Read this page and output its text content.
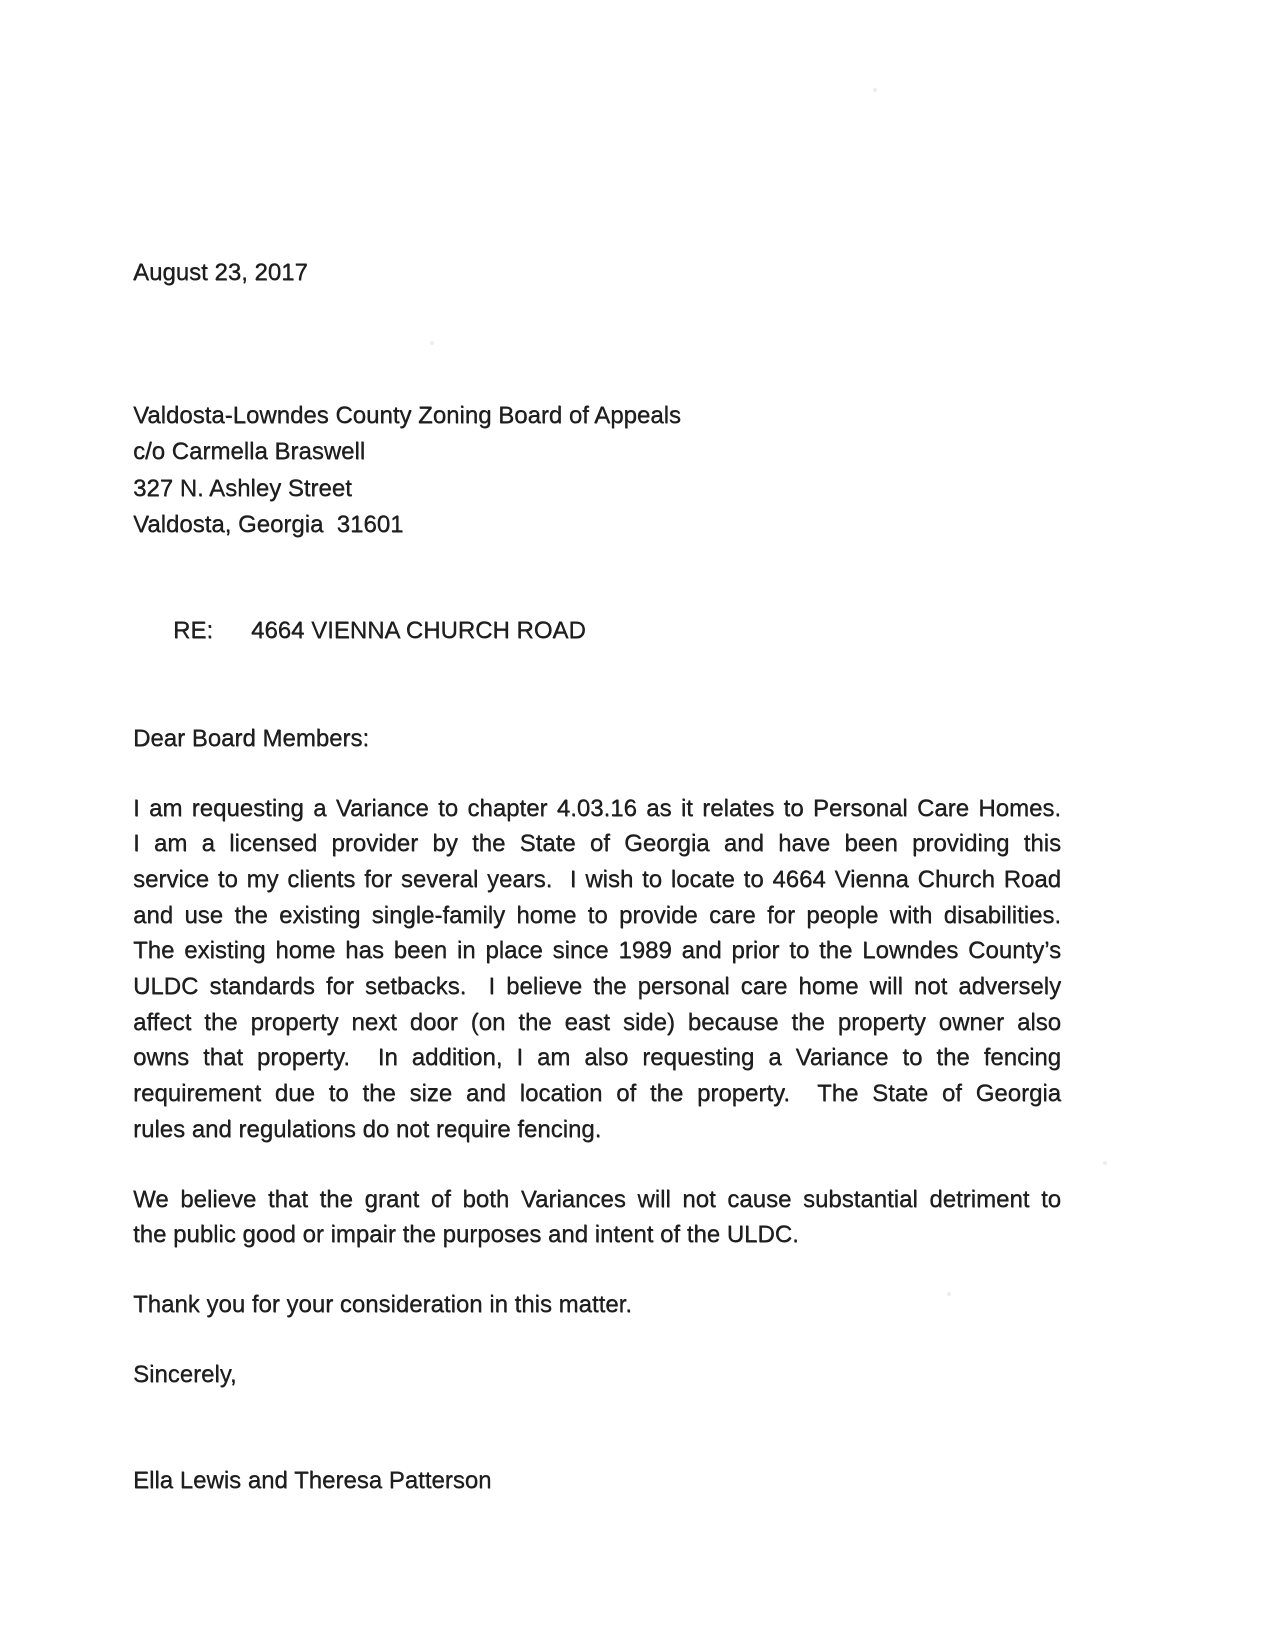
August 23, 2017
Valdosta-Lowndes County Zoning Board of Appeals
c/o Carmella Braswell
327 N. Ashley Street
Valdosta, Georgia  31601

RE: 4664 VIENNA CHURCH ROAD

Dear Board Members:
I am requesting a Variance to chapter 4.03.16 as it relates to Personal Care Homes.
I am a licensed provider by the State of Georgia and have been providing this
service to my clients for several years.  I wish to locate to 4664 Vienna Church Road
and use the existing single-family home to provide care for people with disabilities.
The existing home has been in place since 1989 and prior to the Lowndes County’s
ULDC standards for setbacks.  I believe the personal care home will not adversely
affect the property next door (on the east side) because the property owner also
owns that property.  In addition, I am also requesting a Variance to the fencing
requirement due to the size and location of the property.  The State of Georgia
rules and regulations do not require fencing.
We believe that the grant of both Variances will not cause substantial detriment to
the public good or impair the purposes and intent of the ULDC.
Thank you for your consideration in this matter.
Sincerely,
Ella Lewis and Theresa Patterson
